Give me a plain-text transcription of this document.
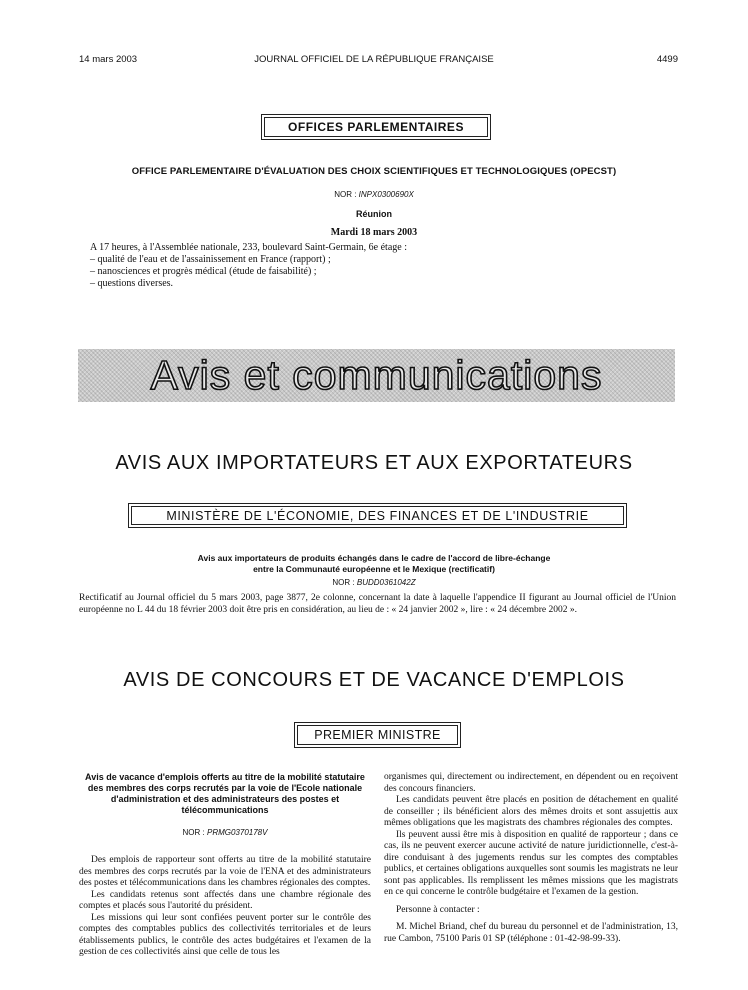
14 mars 2003	JOURNAL OFFICIEL DE LA RÉPUBLIQUE FRANÇAISE	4499
OFFICES PARLEMENTAIRES
OFFICE PARLEMENTAIRE D'ÉVALUATION DES CHOIX SCIENTIFIQUES ET TECHNOLOGIQUES (OPECST)
NOR : INPX0300690X
Réunion
Mardi 18 mars 2003
A 17 heures, à l'Assemblée nationale, 233, boulevard Saint-Germain, 6e étage :
– qualité de l'eau et de l'assainissement en France (rapport) ;
– nanosciences et progrès médical (étude de faisabilité) ;
– questions diverses.
Avis et communications
AVIS AUX IMPORTATEURS ET AUX EXPORTATEURS
MINISTÈRE DE L'ÉCONOMIE, DES FINANCES ET DE L'INDUSTRIE
Avis aux importateurs de produits échangés dans le cadre de l'accord de libre-échange
entre la Communauté européenne et le Mexique (rectificatif)
NOR : BUDD0361042Z
Rectificatif au Journal officiel du 5 mars 2003, page 3877, 2e colonne, concernant la date à laquelle l'appendice II figurant au Journal officiel de l'Union européenne no L 44 du 18 février 2003 doit être pris en considération, au lieu de : « 24 janvier 2002 », lire : « 24 décembre 2002 ».
AVIS DE CONCOURS ET DE VACANCE D'EMPLOIS
PREMIER MINISTRE
Avis de vacance d'emplois offerts au titre de la mobilité statutaire des membres des corps recrutés par la voie de l'Ecole nationale d'administration et des administrateurs des postes et télécommunications
NOR : PRMG0370178V
Des emplois de rapporteur sont offerts au titre de la mobilité statutaire des membres des corps recrutés par la voie de l'ENA et des administrateurs des postes et télécommunications dans les chambres régionales des comptes.
Les candidats retenus sont affectés dans une chambre régionale des comptes et placés sous l'autorité du président.
Les missions qui leur sont confiées peuvent porter sur le contrôle des comptes des comptables publics des collectivités territoriales et de leurs établissements publics, le contrôle des actes budgétaires et l'examen de la gestion de ces collectivités ainsi que celle de tous les
organismes qui, directement ou indirectement, en dépendent ou en reçoivent des concours financiers.
Les candidats peuvent être placés en position de détachement en qualité de conseiller ; ils bénéficient alors des mêmes droits et sont assujettis aux mêmes obligations que les magistrats des chambres régionales des comptes.
Ils peuvent aussi être mis à disposition en qualité de rapporteur ; dans ce cas, ils ne peuvent exercer aucune activité de nature juridictionnelle, c'est-à-dire conduisant à des jugements rendus sur les comptes des comptables publics, et certaines obligations auxquelles sont soumis les magistrats ne leur sont pas applicables. Ils remplissent les mêmes missions que les magistrats en ce qui concerne le contrôle budgétaire et l'examen de la gestion.
Personne à contacter :
M. Michel Briand, chef du bureau du personnel et de l'administration, 13, rue Cambon, 75100 Paris 01 SP (téléphone : 01-42-98-99-33).
